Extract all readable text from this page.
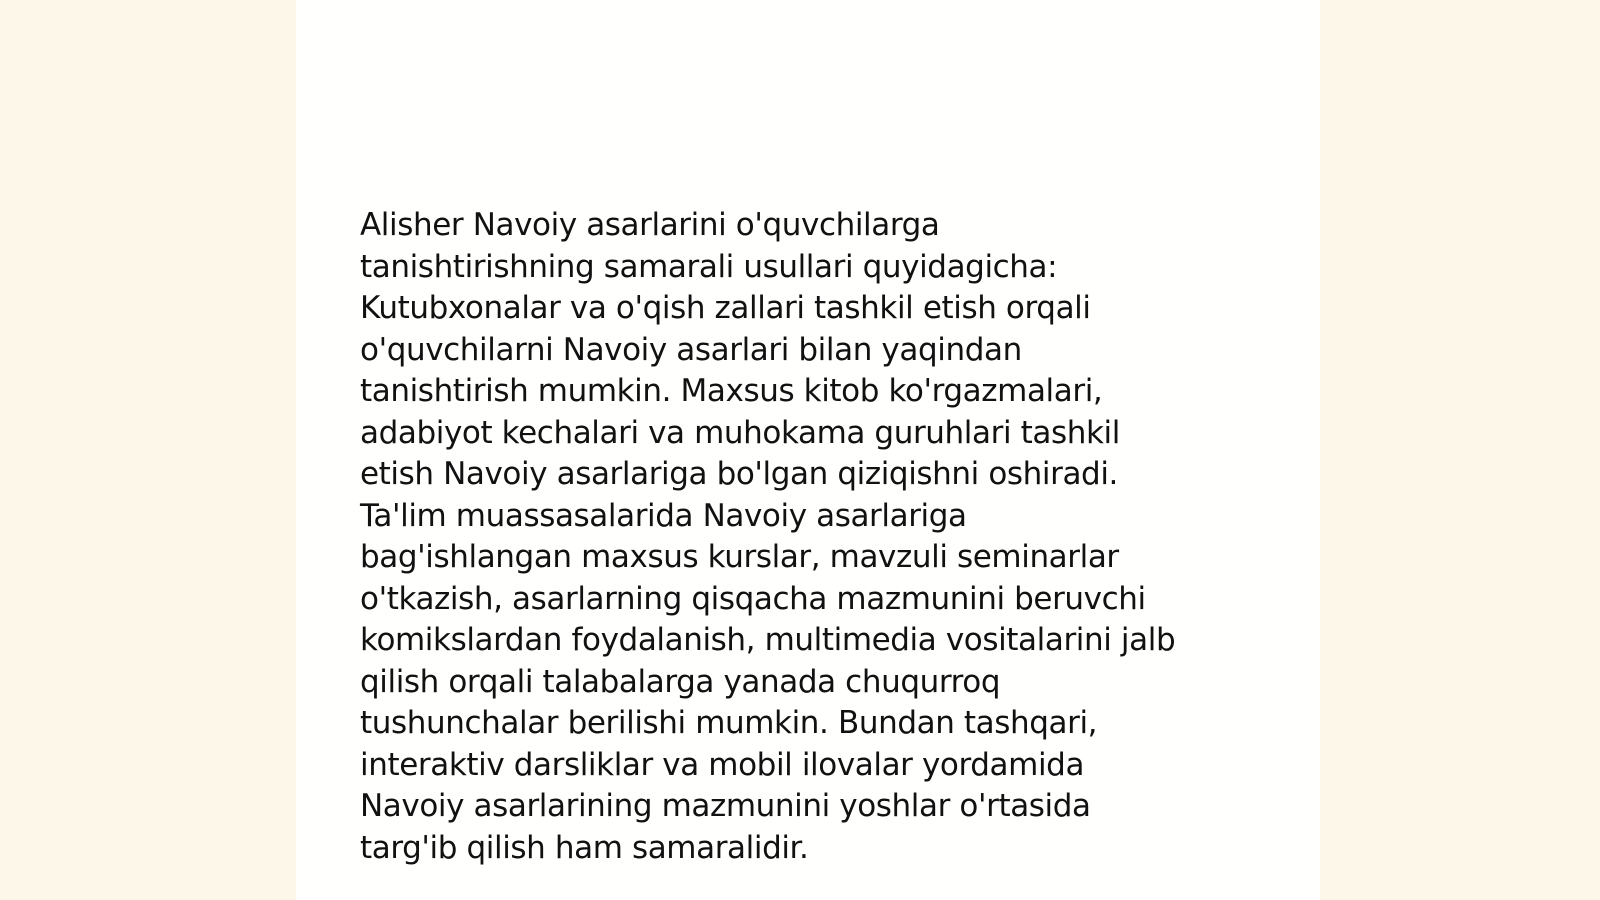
Alisher Navoiy asarlarini o'quvchilarga
tanishtirishning samarali usullari quyidagicha:
Kutubxonalar va o'qish zallari tashkil etish orqali
o'quvchilarni Navoiy asarlari bilan yaqindan
tanishtirish mumkin. Maxsus kitob ko'rgazmalari,
adabiyot kechalari va muhokama guruhlari tashkil
etish Navoiy asarlariga bo'lgan qiziqishni oshiradi.
Ta'lim muassasalarida Navoiy asarlariga
bag'ishlangan maxsus kurslar, mavzuli seminarlar
o'tkazish, asarlarning qisqacha mazmunini beruvchi
komikslardan foydalanish, multimedia vositalarini jalb
qilish orqali talabalarga yanada chuqurroq
tushunchalar berilishi mumkin. Bundan tashqari,
interaktiv darsliklar va mobil ilovalar yordamida
Navoiy asarlarining mazmunini yoshlar o'rtasida
targ'ib qilish ham samaralidir.
